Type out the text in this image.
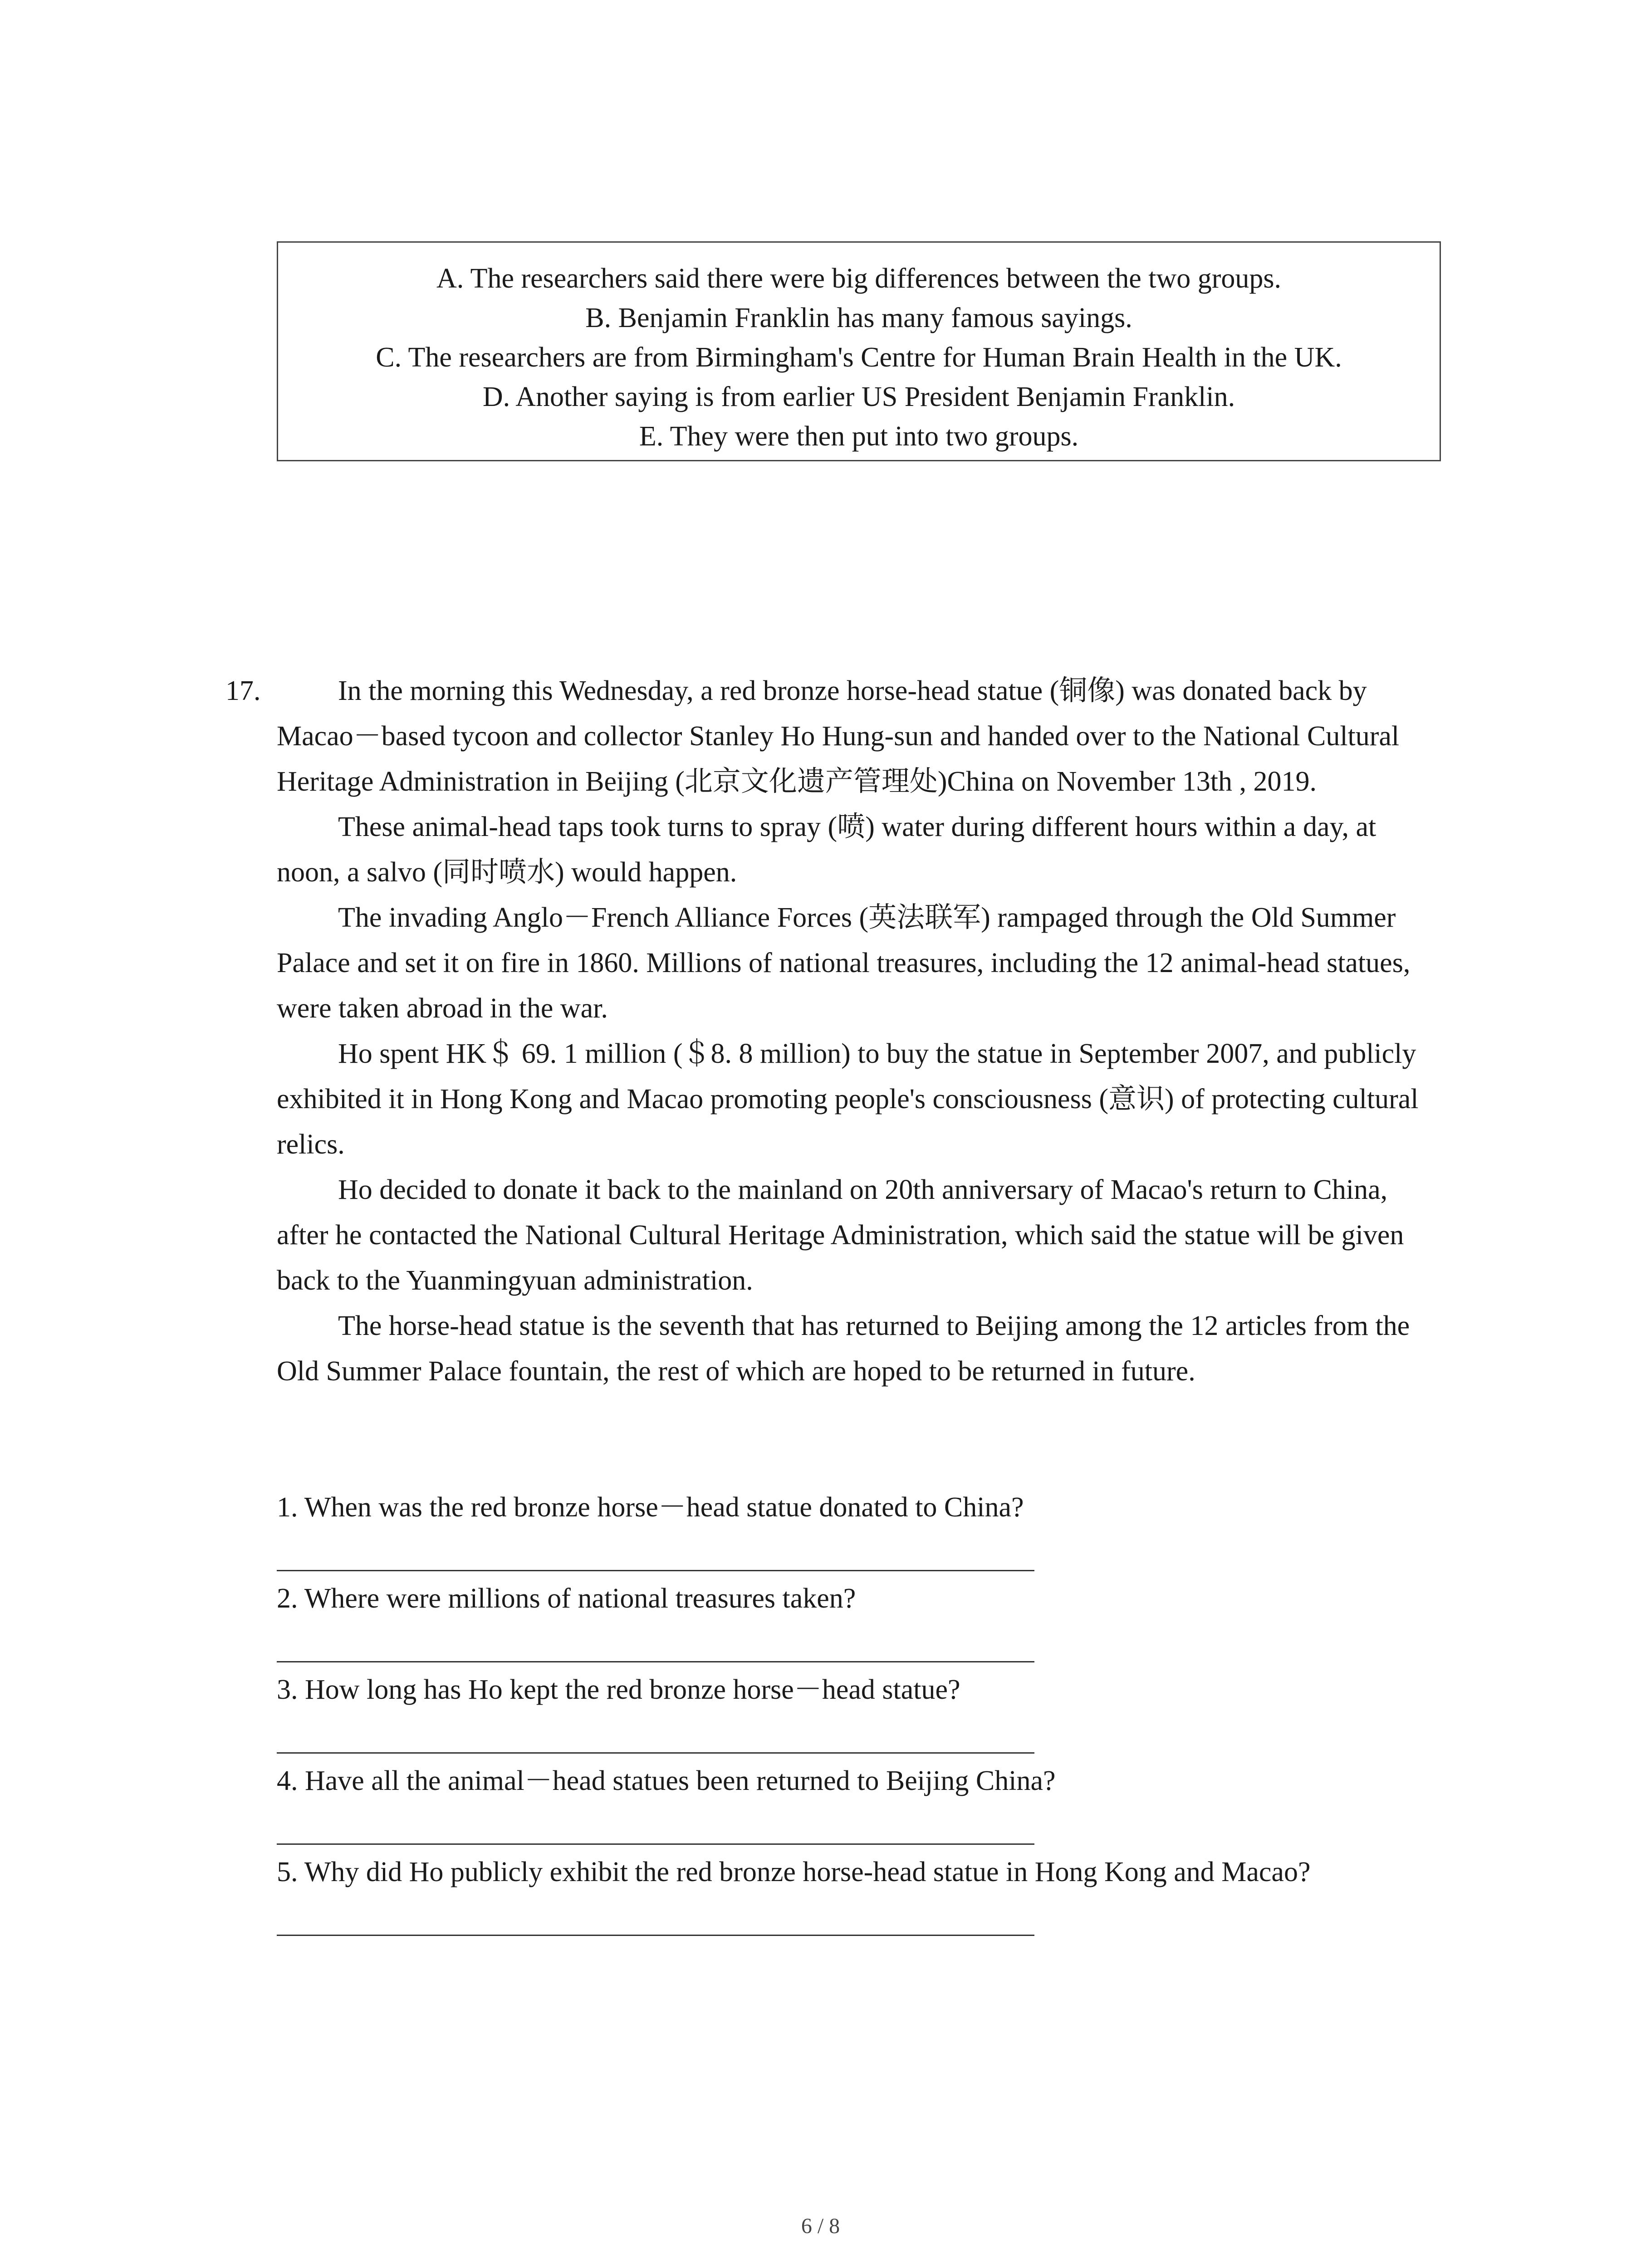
A. The researchers said there were big differences between the two groups.
B. Benjamin Franklin has many famous sayings.
C. The researchers are from Birmingham's Centre for Human Brain Health in the UK.
D. Another saying is from earlier US President Benjamin Franklin.
E. They were then put into two groups.
17.	In the morning this Wednesday, a red bronze horse-head statue (铜像) was donated back by Macao－based tycoon and collector Stanley Ho Hung-sun and handed over to the National Cultural Heritage Administration in Beijing (北京文化遗产管理处)China on November 13th , 2019.

These animal-head taps took turns to spray (喷) water during different hours within a day, at noon, a salvo (同时喷水) would happen.

The invading Anglo－French Alliance Forces (英法联军) rampaged through the Old Summer Palace and set it on fire in 1860. Millions of national treasures, including the 12 animal-head statues, were taken abroad in the war.

Ho spent HK＄ 69. 1 million (＄8. 8 million) to buy the statue in September 2007, and publicly exhibited it in Hong Kong and Macao promoting people's consciousness (意识) of protecting cultural relics.

Ho decided to donate it back to the mainland on 20th anniversary of Macao's return to China, after he contacted the National Cultural Heritage Administration, which said the statue will be given back to the Yuanmingyuan administration.

The horse-head statue is the seventh that has returned to Beijing among the 12 articles from the Old Summer Palace fountain, the rest of which are hoped to be returned in future.

1. When was the red bronze horse－head statue donated to China?
2. Where were millions of national treasures taken?
3. How long has Ho kept the red bronze horse－head statue?
4. Have all the animal－head statues been returned to Beijing China?
5. Why did Ho publicly exhibit the red bronze horse-head statue in Hong Kong and Macao?
6 / 8
